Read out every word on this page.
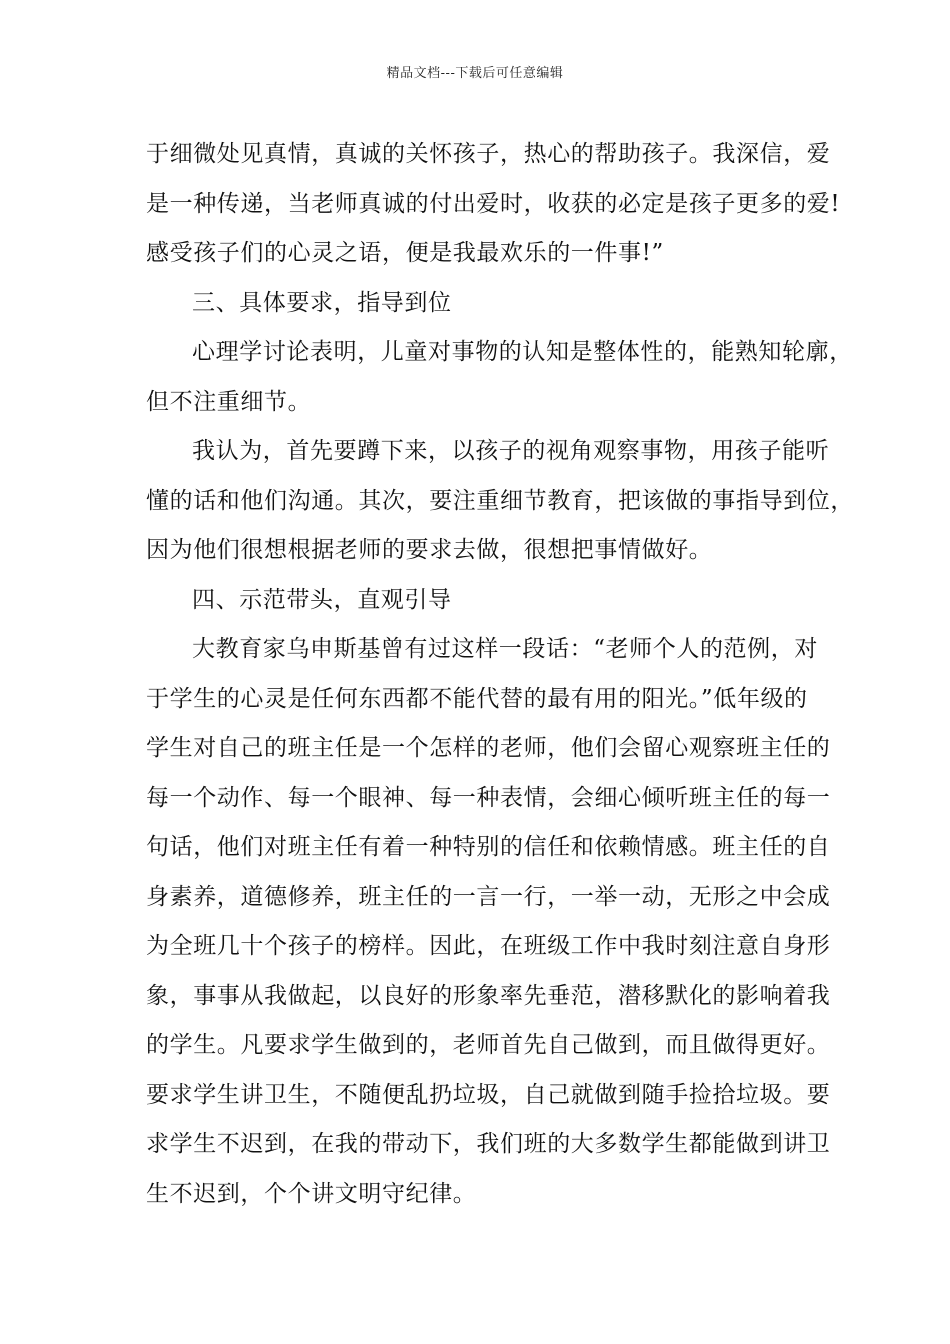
精品文档---下载后可任意编辑
于细微处见真情，真诚的关怀孩子，热心的帮助孩子。我深信，爱
是一种传递，当老师真诚的付出爱时，收获的必定是孩子更多的爱!
感受孩子们的心灵之语，便是我最欢乐的一件事!”
三、具体要求，指导到位
心理学讨论表明，儿童对事物的认知是整体性的，能熟知轮廓，
但不注重细节。
我认为，首先要蹲下来，以孩子的视角观察事物，用孩子能听
懂的话和他们沟通。其次，要注重细节教育，把该做的事指导到位，
因为他们很想根据老师的要求去做，很想把事情做好。
四、示范带头，直观引导
大教育家乌申斯基曾有过这样一段话：“老师个人的范例，对
于学生的心灵是任何东西都不能代替的最有用的阳光。”低年级的
学生对自己的班主任是一个怎样的老师，他们会留心观察班主任的
每一个动作、每一个眼神、每一种表情，会细心倾听班主任的每一
句话，他们对班主任有着一种特别的信任和依赖情感。班主任的自
身素养，道德修养，班主任的一言一行，一举一动，无形之中会成
为全班几十个孩子的榜样。因此，在班级工作中我时刻注意自身形
象，事事从我做起，以良好的形象率先垂范，潜移默化的影响着我
的学生。凡要求学生做到的，老师首先自己做到，而且做得更好。
要求学生讲卫生，不随便乱扔垃圾，自己就做到随手捡拾垃圾。要
求学生不迟到，在我的带动下，我们班的大多数学生都能做到讲卫
生不迟到，个个讲文明守纪律。
